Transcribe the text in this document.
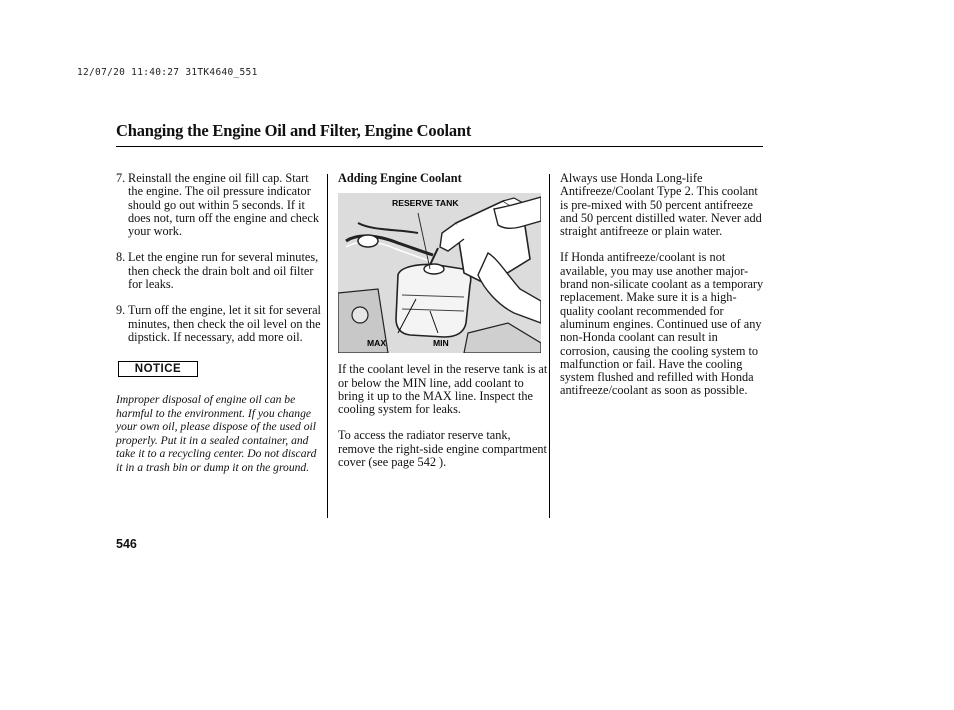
12/07/20 11:40:27 31TK4640_551
Changing the Engine Oil and Filter, Engine Coolant
7. Reinstall the engine oil fill cap. Start the engine. The oil pressure indicator should go out within 5 seconds. If it does not, turn off the engine and check your work.
8. Let the engine run for several minutes, then check the drain bolt and oil filter for leaks.
9. Turn off the engine, let it sit for several minutes, then check the oil level on the dipstick. If necessary, add more oil.
NOTICE
Improper disposal of engine oil can be harmful to the environment. If you change your own oil, please dispose of the used oil properly. Put it in a sealed container, and take it to a recycling center. Do not discard it in a trash bin or dump it on the ground.
Adding Engine Coolant
RESERVE TANK
MAX	MIN

If the coolant level in the reserve tank is at or below the MIN line, add coolant to bring it up to the MAX line. Inspect the cooling system for leaks.

To access the radiator reserve tank, remove the right-side engine compartment cover (see page 542 ).

Always use Honda Long-life Antifreeze/Coolant Type 2. This coolant is pre-mixed with 50 percent antifreeze and 50 percent distilled water. Never add straight antifreeze or plain water.

If Honda antifreeze/coolant is not available, you may use another major-brand non-silicate coolant as a temporary replacement. Make sure it is a high-quality coolant recommended for aluminum engines. Continued use of any non-Honda coolant can result in corrosion, causing the cooling system to malfunction or fail. Have the cooling system flushed and refilled with Honda antifreeze/coolant as soon as possible.

546
